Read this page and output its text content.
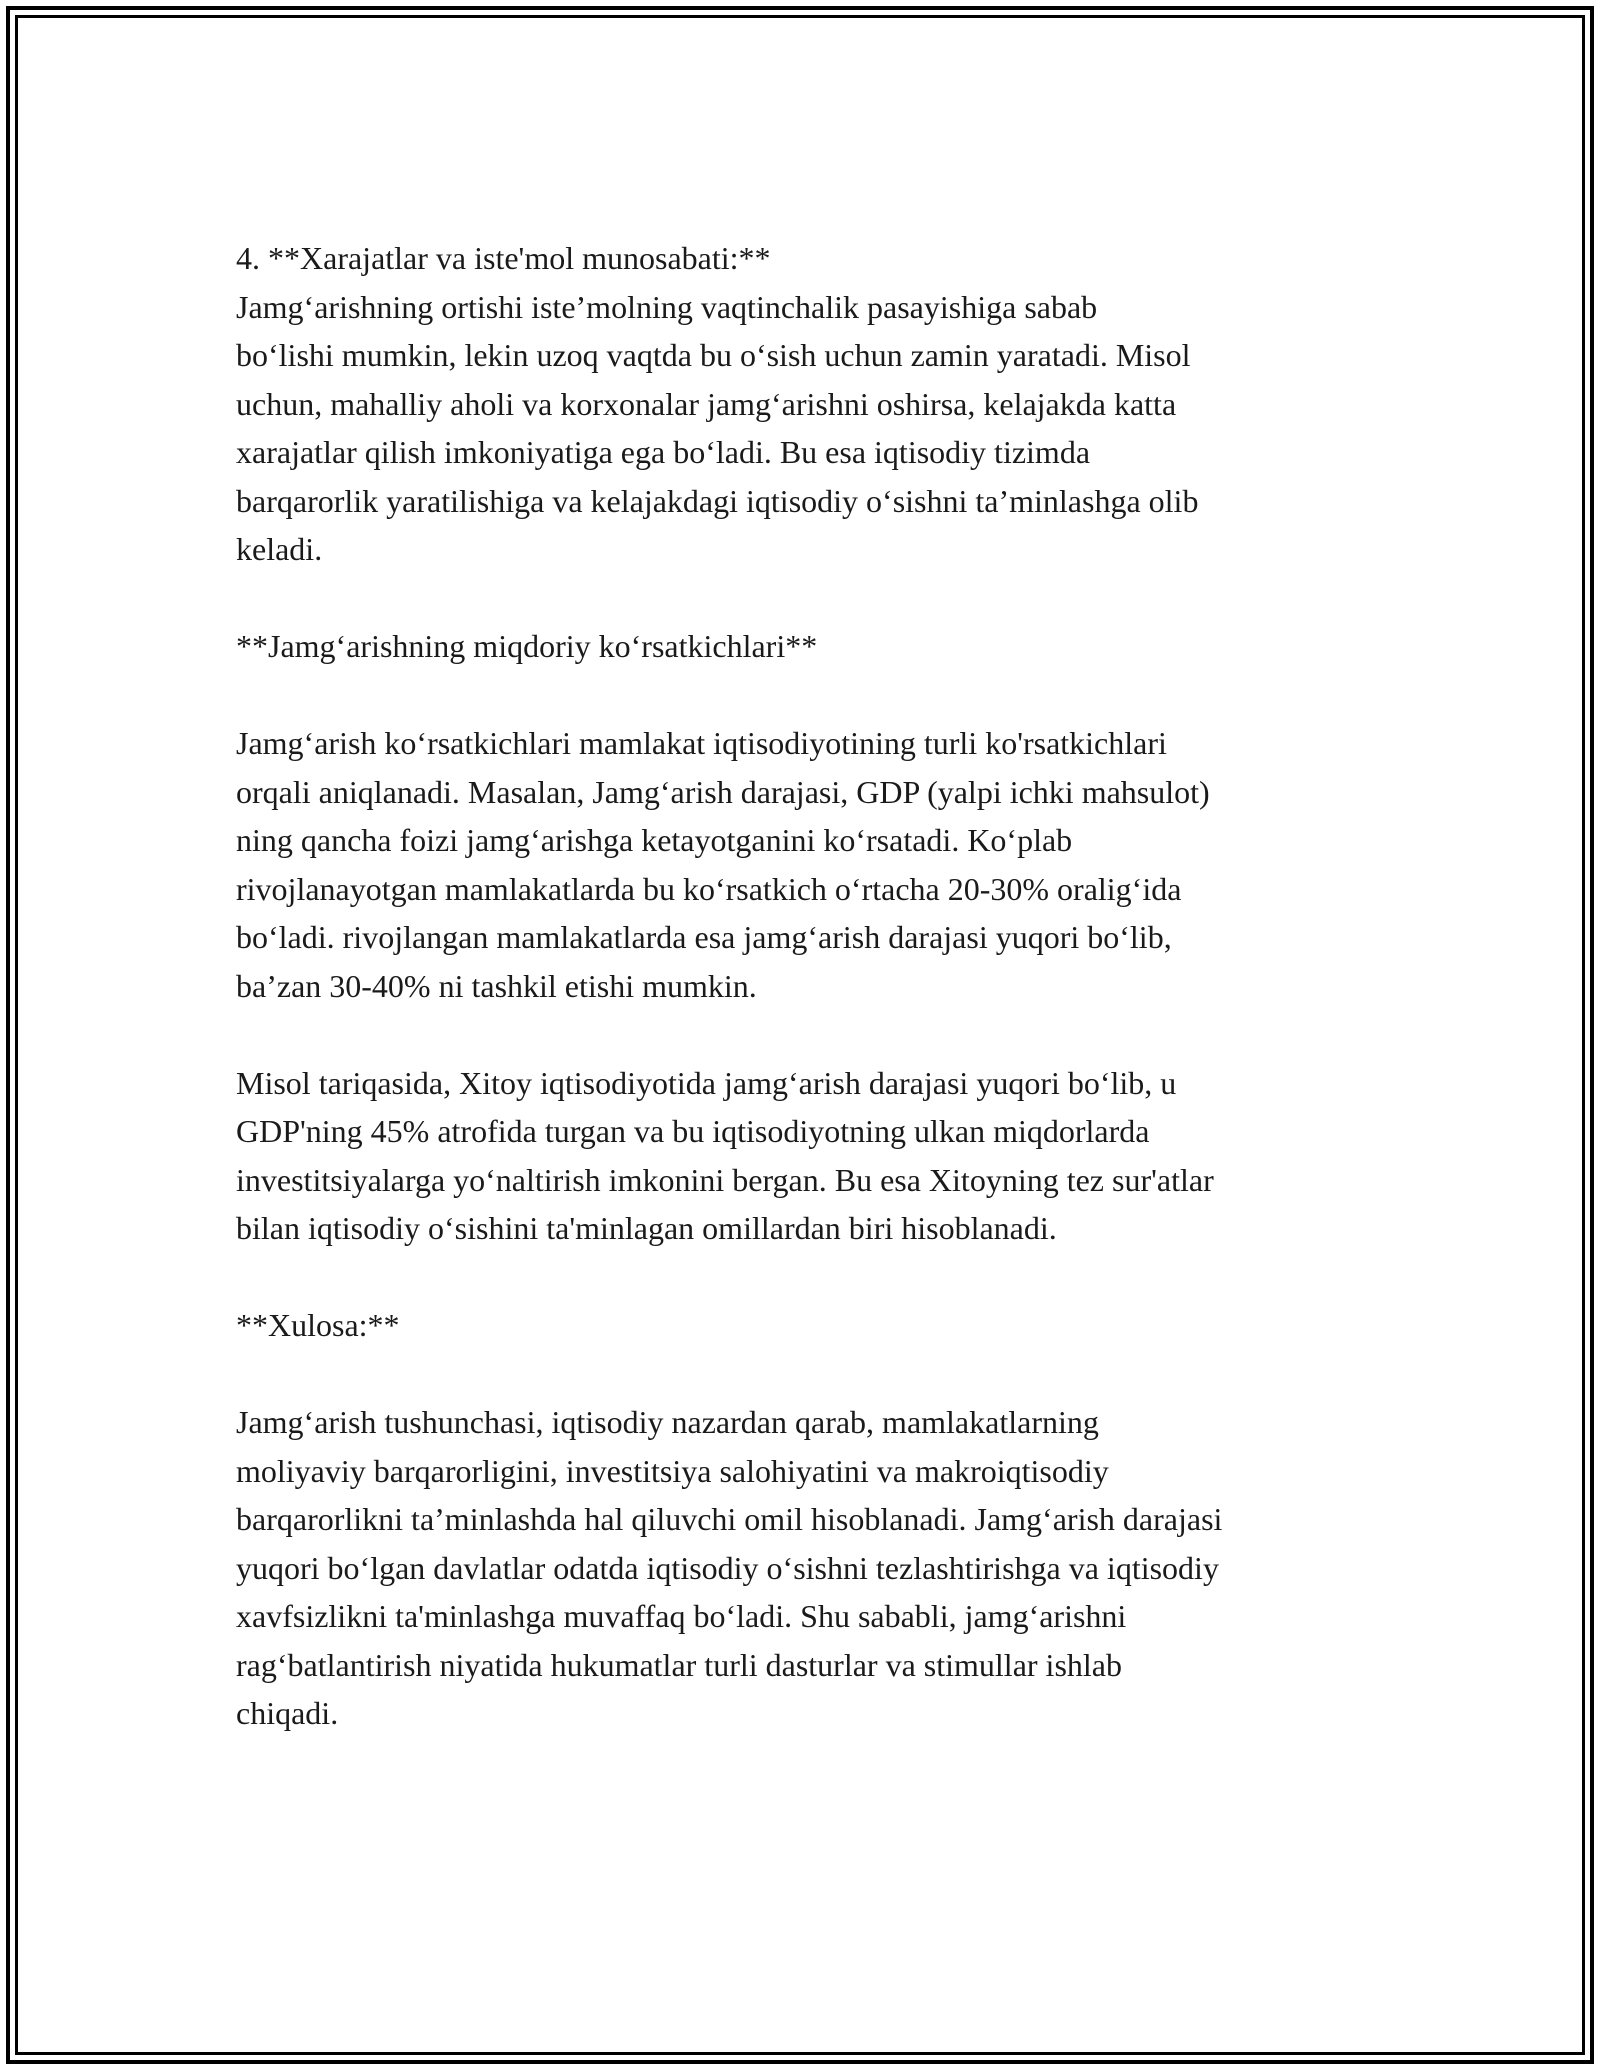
4. **Xarajatlar va iste'mol munosabati:**

Jamg‘arishning ortishi iste’molning vaqtinchalik pasayishiga sabab
bo‘lishi mumkin, lekin uzoq vaqtda bu o‘sish uchun zamin yaratadi. Misol
uchun, mahalliy aholi va korxonalar jamg‘arishni oshirsa, kelajakda katta
xarajatlar qilish imkoniyatiga ega bo‘ladi. Bu esa iqtisodiy tizimda
barqarorlik yaratilishiga va kelajakdagi iqtisodiy o‘sishni ta’minlashga olib
keladi.

**Jamg‘arishning miqdoriy ko‘rsatkichlari**

Jamg‘arish ko‘rsatkichlari mamlakat iqtisodiyotining turli ko'rsatkichlari
orqali aniqlanadi. Masalan, Jamg‘arish darajasi, GDP (yalpi ichki mahsulot)
ning qancha foizi jamg‘arishga ketayotganini ko‘rsatadi. Ko‘plab
rivojlanayotgan mamlakatlarda bu ko‘rsatkich o‘rtacha 20-30% oralig‘ida
bo‘ladi. rivojlangan mamlakatlarda esa jamg‘arish darajasi yuqori bo‘lib,
ba’zan 30-40% ni tashkil etishi mumkin.

Misol tariqasida, Xitoy iqtisodiyotida jamg‘arish darajasi yuqori bo‘lib, u
GDP'ning 45% atrofida turgan va bu iqtisodiyotning ulkan miqdorlarda
investitsiyalarga yo‘naltirish imkonini bergan. Bu esa Xitoyning tez sur'atlar
bilan iqtisodiy o‘sishini ta'minlagan omillardan biri hisoblanadi.

**Xulosa:**

Jamg‘arish tushunchasi, iqtisodiy nazardan qarab, mamlakatlarning
moliyaviy barqarorligini, investitsiya salohiyatini va makroiqtisodiy
barqarorlikni ta’minlashda hal qiluvchi omil hisoblanadi. Jamg‘arish darajasi
yuqori bo‘lgan davlatlar odatda iqtisodiy o‘sishni tezlashtirishga va iqtisodiy
xavfsizlikni ta'minlashga muvaffaq bo‘ladi. Shu sababli, jamg‘arishni
rag‘batlantirish niyatida hukumatlar turli dasturlar va stimullar ishlab
chiqadi.
